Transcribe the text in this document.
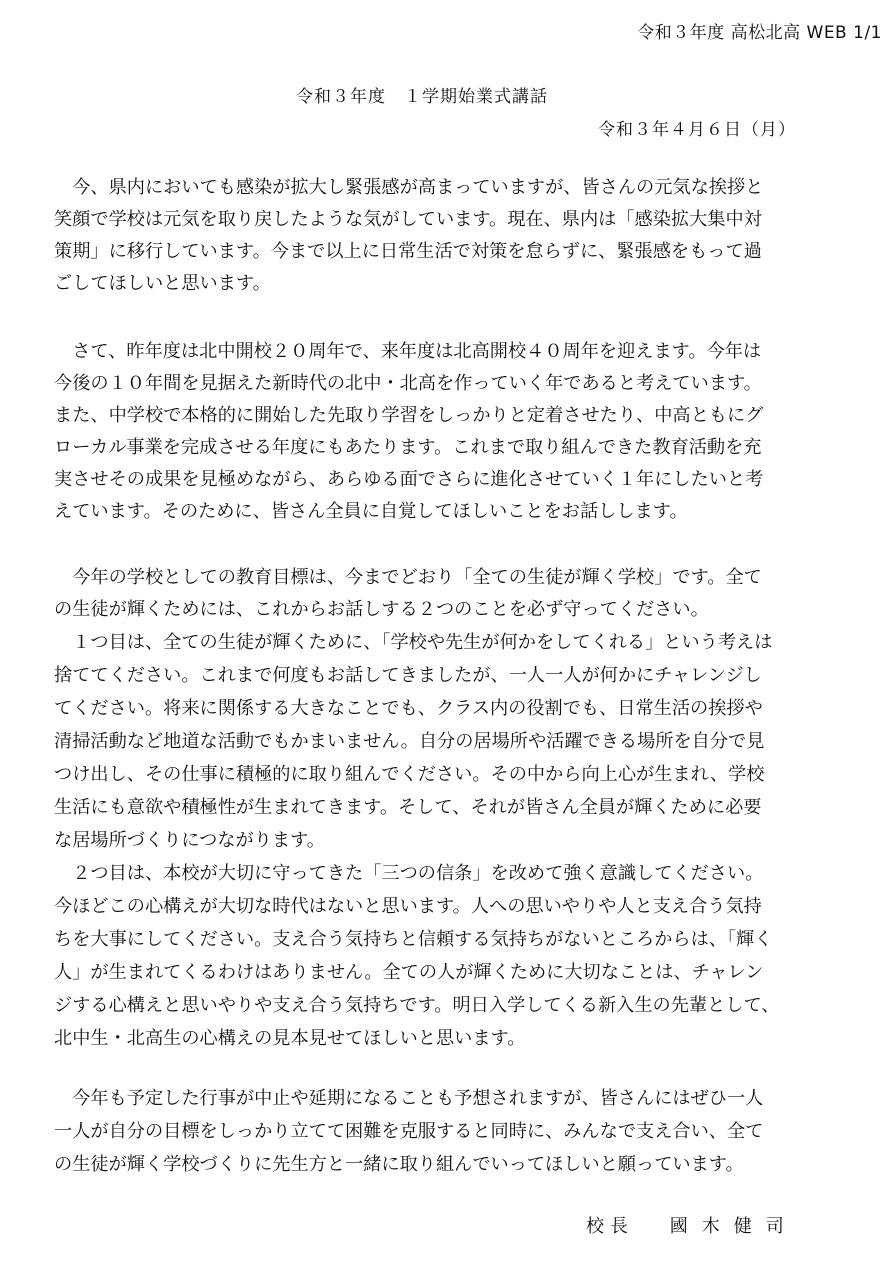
令和３年度 高松北高 WEB 1/1
令和３年度　１学期始業式講話
令和３年４月６日（月）
　今、県内においても感染が拡大し緊張感が高まっていますが、皆さんの元気な挨拶と
笑顔で学校は元気を取り戻したような気がしています。現在、県内は「感染拡大集中対
策期」に移行しています。今まで以上に日常生活で対策を怠らずに、緊張感をもって過
ごしてほしいと思います。
　さて、昨年度は北中開校２０周年で、来年度は北高開校４０周年を迎えます。今年は
今後の１０年間を見据えた新時代の北中・北高を作っていく年であると考えています。
また、中学校で本格的に開始した先取り学習をしっかりと定着させたり、中高ともにグ
ローカル事業を完成させる年度にもあたります。これまで取り組んできた教育活動を充
実させその成果を見極めながら、あらゆる面でさらに進化させていく１年にしたいと考
えています。そのために、皆さん全員に自覚してほしいことをお話しします。
　今年の学校としての教育目標は、今までどおり「全ての生徒が輝く学校」です。全て
の生徒が輝くためには、これからお話しする２つのことを必ず守ってください。
　１つ目は、全ての生徒が輝くために、「学校や先生が何かをしてくれる」という考えは
捨ててください。これまで何度もお話してきましたが、一人一人が何かにチャレンジし
てください。将来に関係する大きなことでも、クラス内の役割でも、日常生活の挨拶や
清掃活動など地道な活動でもかまいません。自分の居場所や活躍できる場所を自分で見
つけ出し、その仕事に積極的に取り組んでください。その中から向上心が生まれ、学校
生活にも意欲や積極性が生まれてきます。そして、それが皆さん全員が輝くために必要
な居場所づくりにつながります。
　２つ目は、本校が大切に守ってきた「三つの信条」を改めて強く意識してください。
今ほどこの心構えが大切な時代はないと思います。人への思いやりや人と支え合う気持
ちを大事にしてください。支え合う気持ちと信頼する気持ちがないところからは、「輝く
人」が生まれてくるわけはありません。全ての人が輝くために大切なことは、チャレン
ジする心構えと思いやりや支え合う気持ちです。明日入学してくる新入生の先輩として、
北中生・北高生の心構えの見本見せてほしいと思います。
　今年も予定した行事が中止や延期になることも予想されますが、皆さんにはぜひ一人
一人が自分の目標をしっかり立てて困難を克服すると同時に、みんなで支え合い、全て
の生徒が輝く学校づくりに先生方と一緒に取り組んでいってほしいと願っています。
校長 國木健司
